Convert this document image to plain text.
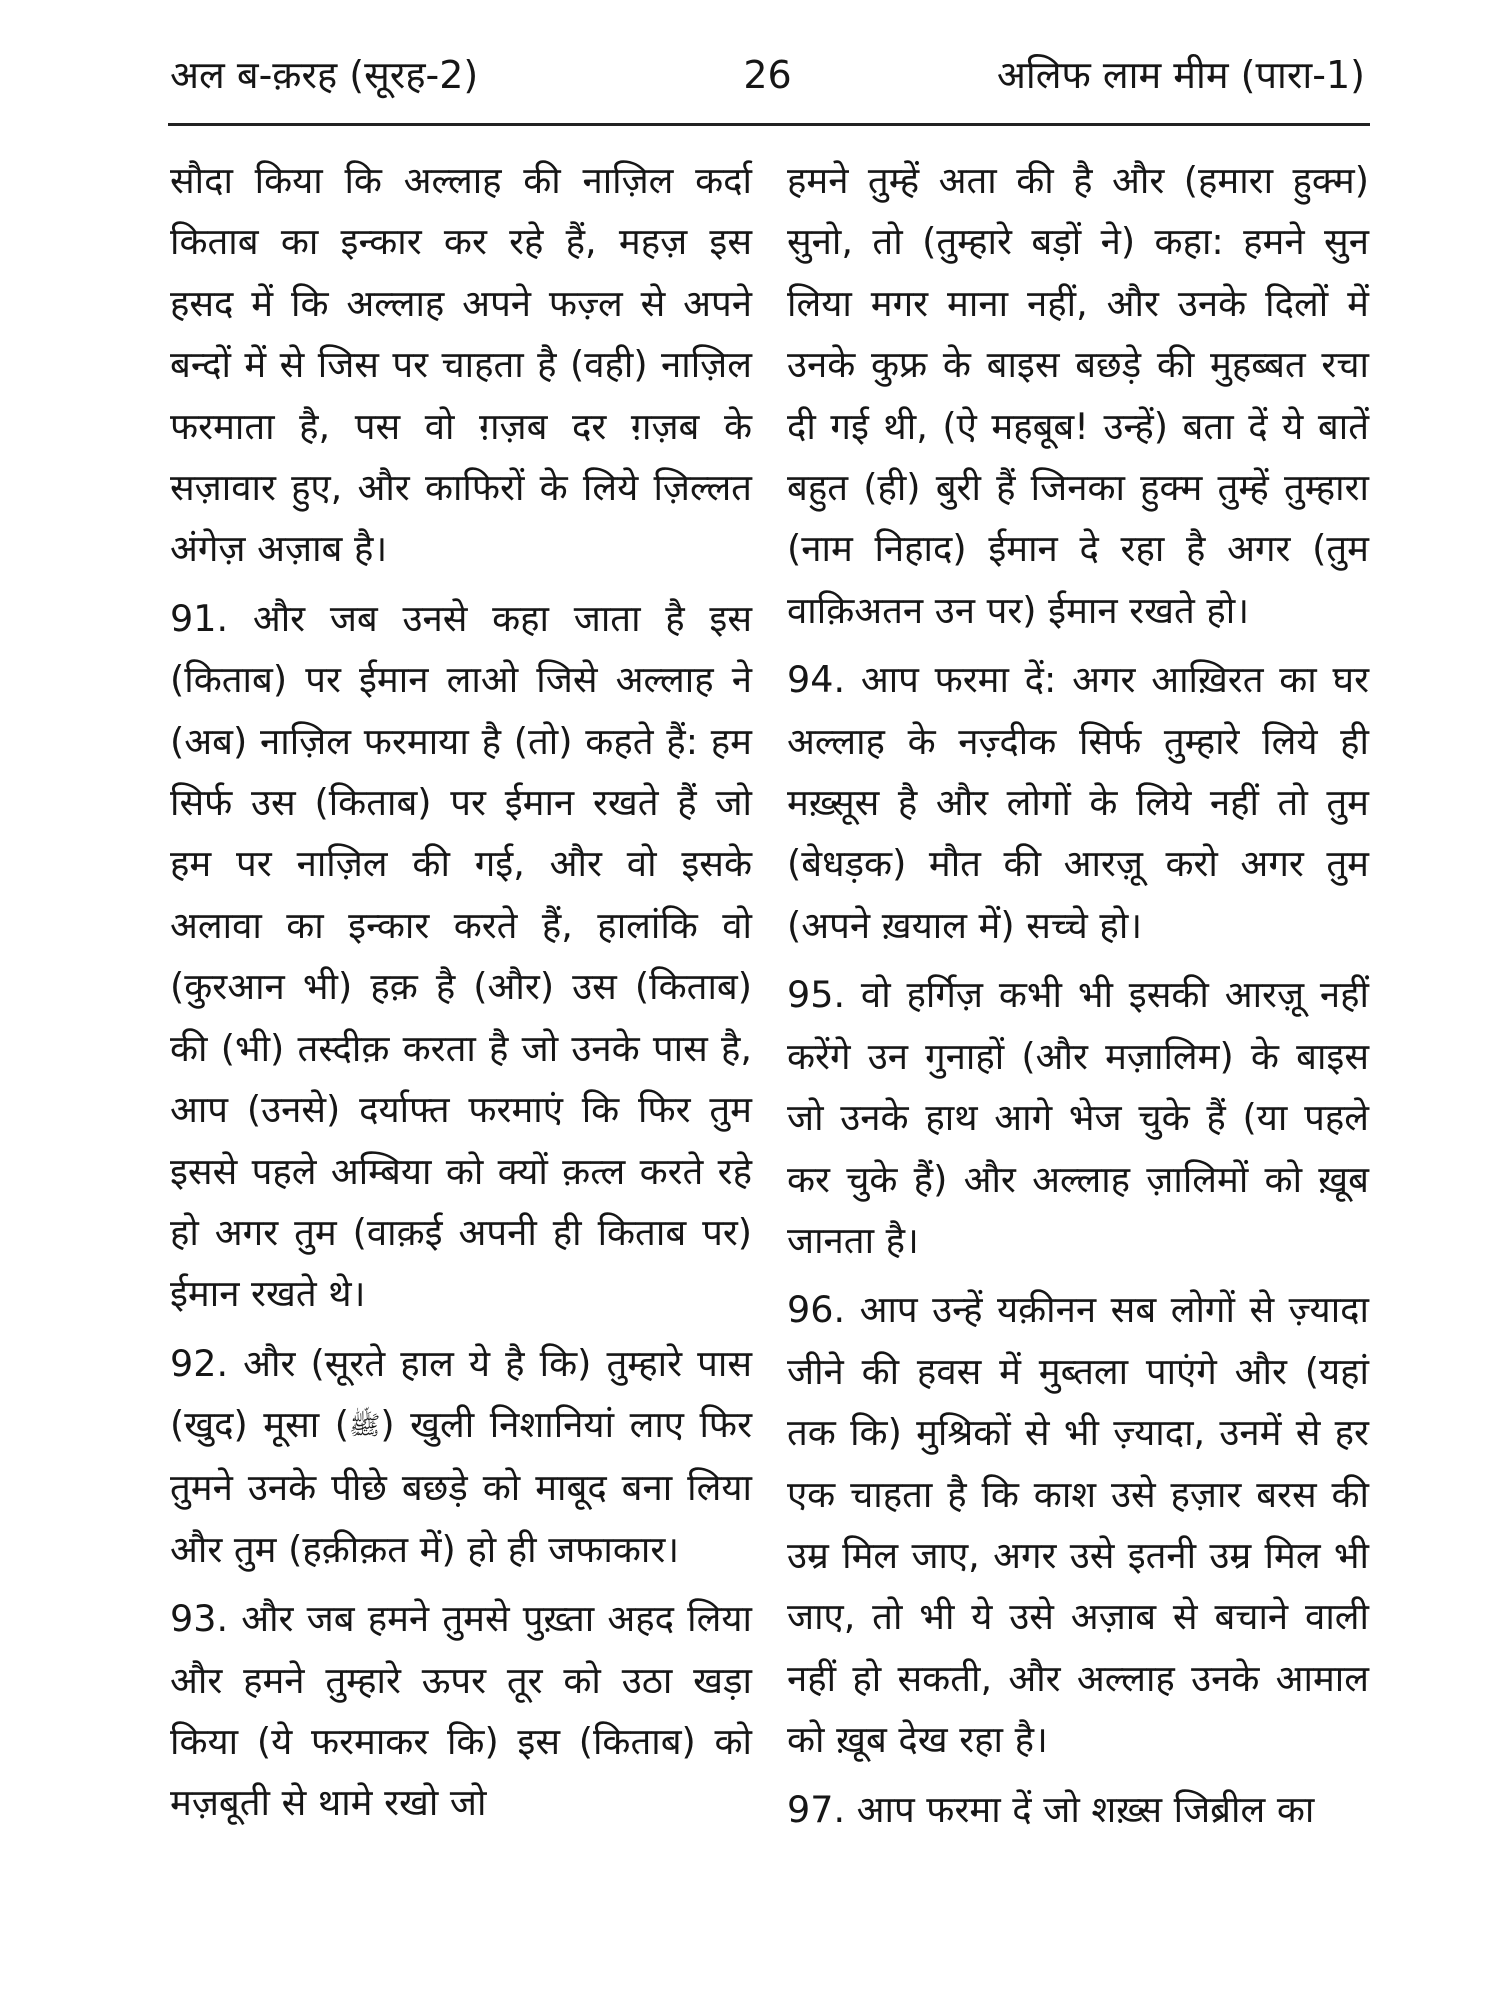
अल ब-क़रह (सूरह-2)	26	अलिफ लाम मीम (पारा-1)

सौदा किया कि अल्लाह की नाज़िल कर्दा किताब का इन्कार कर रहे हैं, महज़ इस हसद में कि अल्लाह अपने फज़्ल से अपने बन्दों में से जिस पर चाहता है (वही) नाज़िल फरमाता है, पस वो ग़ज़ब दर ग़ज़ब के सज़ावार हुए, और काफिरों के लिये ज़िल्लत अंगेज़ अज़ाब है।

91. और जब उनसे कहा जाता है इस (किताब) पर ईमान लाओ जिसे अल्लाह ने (अब) नाज़िल फरमाया है (तो) कहते हैं: हम सिर्फ उस (किताब) पर ईमान रखते हैं जो हम पर नाज़िल की गई, और वो इसके अलावा का इन्कार करते हैं, हालांकि वो (कुरआन भी) हक़ है (और) उस (किताब) की (भी) तस्दीक़ करता है जो उनके पास है, आप (उनसे) दर्याफ्त फरमाएं कि फिर तुम इससे पहले अम्बिया को क्यों क़त्ल करते रहे हो अगर तुम (वाक़ई अपनी ही किताब पर) ईमान रखते थे।

92. और (सूरते हाल ये है कि) तुम्हारे पास (खुद) मूसा (ﷺ) खुली निशानियां लाए फिर तुमने उनके पीछे बछड़े को माबूद बना लिया और तुम (हक़ीक़त में) हो ही जफाकार।

93. और जब हमने तुमसे पुख़्ता अहद लिया और हमने तुम्हारे ऊपर तूर को उठा खड़ा किया (ये फरमाकर कि) इस (किताब) को मज़बूती से थामे रखो जो

हमने तुम्हें अता की है और (हमारा हुक्म) सुनो, तो (तुम्हारे बड़ों ने) कहा: हमने सुन लिया मगर माना नहीं, और उनके दिलों में उनके कुफ्र के बाइस बछड़े की मुहब्बत रचा दी गई थी, (ऐ महबूब! उन्हें) बता दें ये बातें बहुत (ही) बुरी हैं जिनका हुक्म तुम्हें तुम्हारा (नाम निहाद) ईमान दे रहा है अगर (तुम वाक़िअतन उन पर) ईमान रखते हो।

94. आप फरमा दें: अगर आख़िरत का घर अल्लाह के नज़्दीक सिर्फ तुम्हारे लिये ही मख़्सूस है और लोगों के लिये नहीं तो तुम (बेधड़क) मौत की आरज़ू करो अगर तुम (अपने ख़याल में) सच्चे हो।

95. वो हर्गिज़ कभी भी इसकी आरज़ू नहीं करेंगे उन गुनाहों (और मज़ालिम) के बाइस जो उनके हाथ आगे भेज चुके हैं (या पहले कर चुके हैं) और अल्लाह ज़ालिमों को ख़ूब जानता है।

96. आप उन्हें यक़ीनन सब लोगों से ज़्यादा जीने की हवस में मुब्तला पाएंगे और (यहां तक कि) मुश्रिकों से भी ज़्यादा, उनमें से हर एक चाहता है कि काश उसे हज़ार बरस की उम्र मिल जाए, अगर उसे इतनी उम्र मिल भी जाए, तो भी ये उसे अज़ाब से बचाने वाली नहीं हो सकती, और अल्लाह उनके आमाल को ख़ूब देख रहा है।

97. आप फरमा दें जो शख़्स जिब्रील का
